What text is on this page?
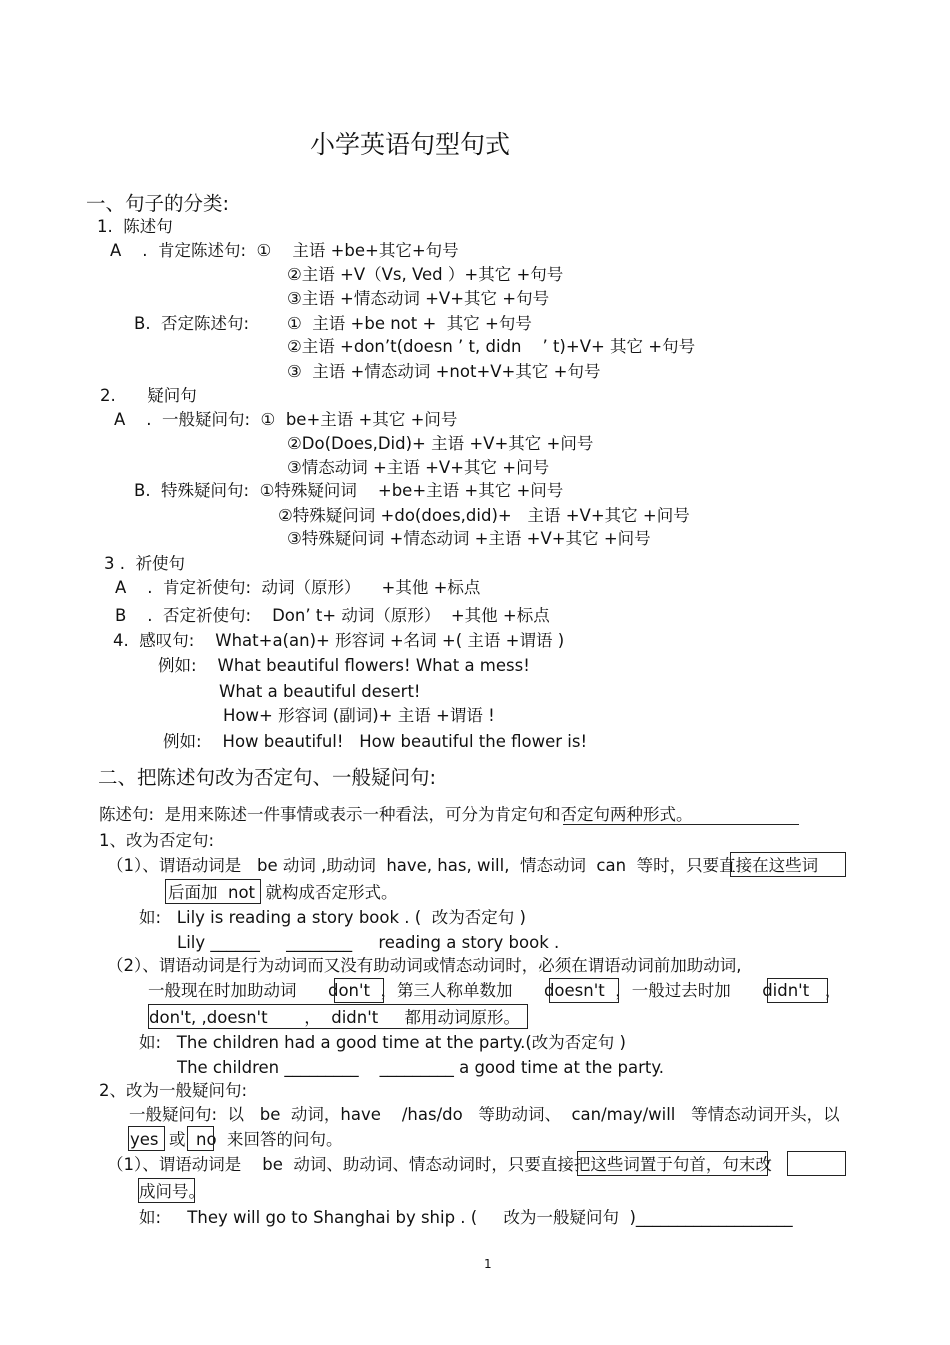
小学英语句型句式
一、句子的分类:
1.  陈述句
A    .  肯定陈述句:  ①    主语 +be+其它+句号
②主语 +V（Vs, Ved ）+其它 +句号
③主语 +情态动词 +V+其它 +句号
B.  否定陈述句: ①  主语 +be not +  其它 +句号
②主语 +don’t(doesn ’ t, didn    ’ t)+V+ 其它 +句号
③  主语 +情态动词 +not+V+其它 +句号
2.      疑问句
A    .  一般疑问句:  ①  be+主语 +其它 +问号
②Do(Does,Did)+ 主语 +V+其它 +问号
③情态动词 +主语 +V+其它 +问号
B.  特殊疑问句:  ①特殊疑问词    +be+主语 +其它 +问号
②特殊疑问词 +do(does,did)+   主语 +V+其它 +问号
③特殊疑问词 +情态动词 +主语 +V+其它 +问号
3 .  祈使句
A    .  肯定祈使句:  动词（原形）    +其他 +标点
B    .  否定祈使句:    Don’ t+ 动词（原形）  +其他 +标点
4.  感叹句:    What+a(an)+ 形容词 +名词 +( 主语 +谓语 )
例如:    What beautiful flowers! What a mess!
What a beautiful desert!
How+ 形容词 (副词)+ 主语 +谓语 !
例如:    How beautiful!   How beautiful the flower is!
二、把陈述句改为否定句、一般疑问句:
陈述句:  是用来陈述一件事情或表示一种看法，可分为肯定句和否定句两种形式。
1、改为否定句:
（1）、谓语动词是   be 动词 ,助动词  have, has, will,  情态动词  can  等时，只要直接在这些词
后面加  not  就构成否定形式。
如:   Lily is reading a story book . (  改为否定句 )
Lily ______     ________     reading a story book .
（2）、谓语动词是行为动词而又没有助动词或情态动词时，必须在谓语动词前加助动词,
一般现在时加助动词      don't  ，第三人称单数加      doesn't  ，一般过去时加      didn't   ，
don't, ,doesn't       ，  didn't     都用动词原形。
如:   The children had a good time at the party.(改为否定句 )
The children _________    _________ a good time at the party.
2、改为一般疑问句:
一般疑问句:  以   be  动词，have    /has/do   等助动词、  can/may/will   等情态动词开头，以
yes  或  no  来回答的问句。
（1）、谓语动词是    be  动词、助动词、情态动词时，只要直接把这些词置于句首，句末改
成问号。
如:     They will go to Shanghai by ship . (     改为一般疑问句  )___________________
1
